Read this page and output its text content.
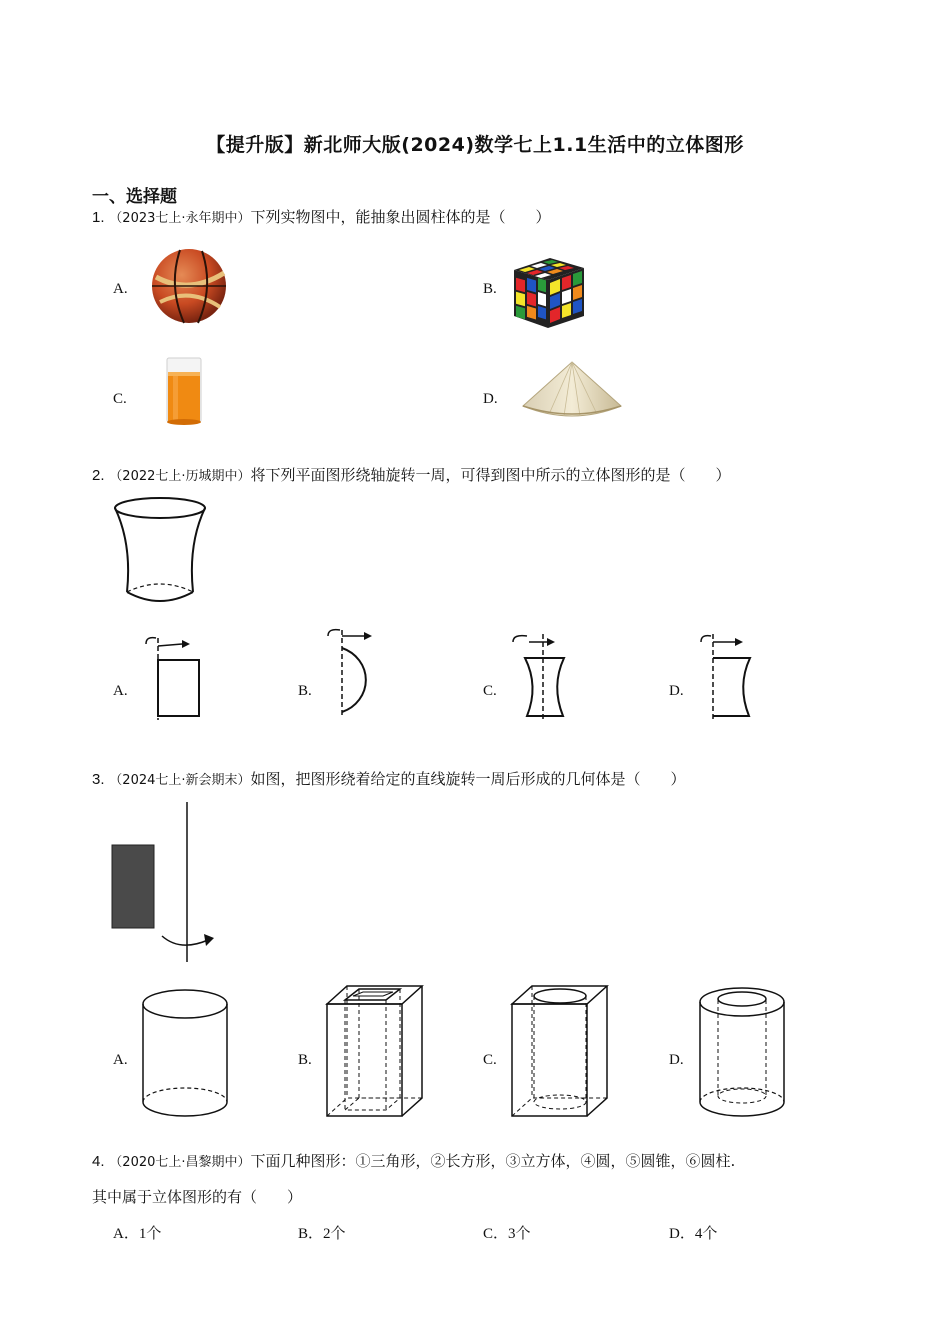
【提升版】新北师大版(2024)数学七上1.1生活中的立体图形
一、选择题
1. （2023七上·永年期中）下列实物图中，能抽象出圆柱体的是（　　）
A.	B.
C.	D.
2. （2022七上·历城期中）将下列平面图形绕轴旋转一周，可得到图中所示的立体图形的是（　　）
A.	B.	C.	D.
3. （2024七上·新会期末）如图，把图形绕着给定的直线旋转一周后形成的几何体是（　　）
A.	B.	C.	D.
4. （2020七上·昌黎期中）下面几种图形：①三角形，②长方形，③立方体，④圆，⑤圆锥，⑥圆柱.
其中属于立体图形的有（　　）
A．1个	B．2个	C．3个	D．4个
